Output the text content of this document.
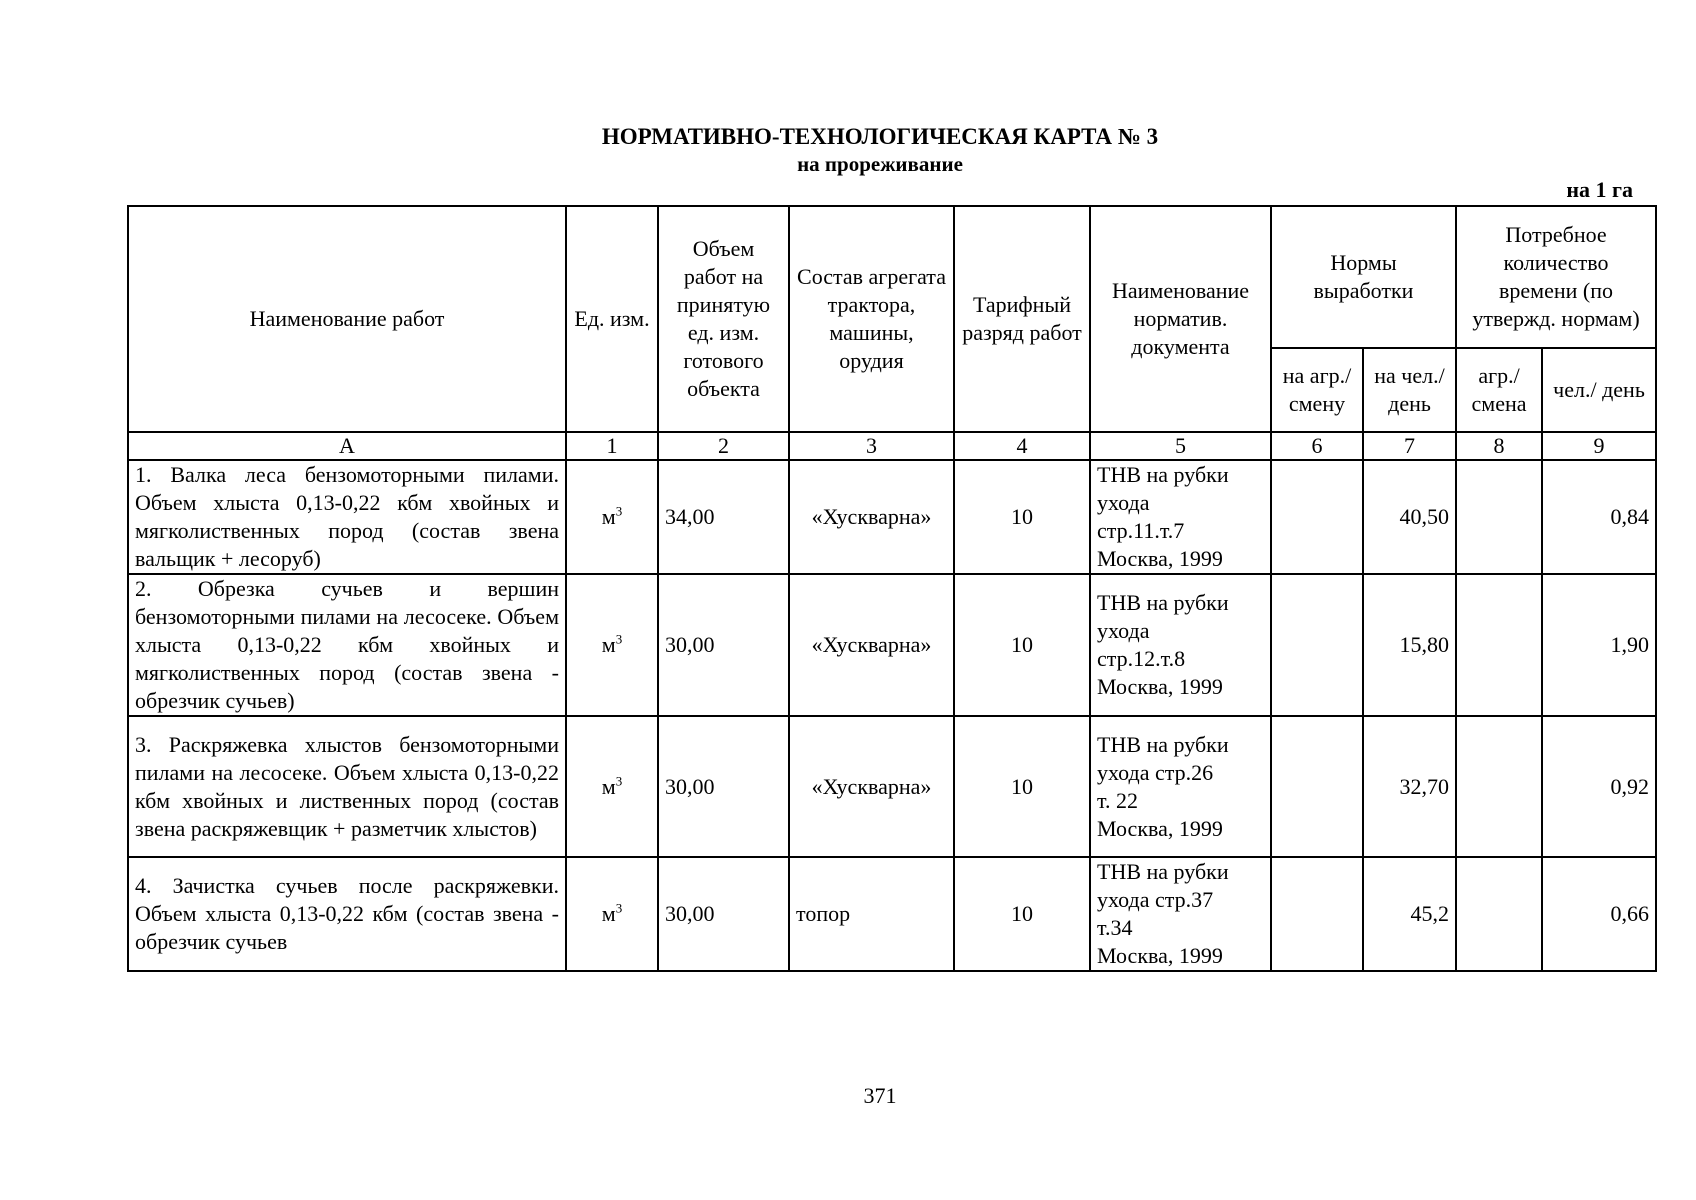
НОРМАТИВНО-ТЕХНОЛОГИЧЕСКАЯ КАРТА № 3
на прореживание
на 1 га
Наименование работ	Ед. изм.	Объем работ на принятую ед. изм. готового объекта	Состав агрегата трактора, машины, орудия	Тарифный разряд работ	Наименование норматив. документа	Нормы выработки		Потребное количество времени (по утвержд. нормам)	
						на агр./ смену	на чел./ день	агр./ смена	чел./ день
А	1	2	3	4	5	6	7	8	9
1. Валка леса бензомоторными пилами. Объем хлыста 0,13-0,22 кбм хвойных и мягколиственных пород (состав звена вальщик + лесоруб)	$м^3$	34,00	«Хускварна»	10	ТНВ на рубки
ухода
стр.11.т.7
Москва, 1999		40,50		0,84
2. Обрезка сучьев и вершин бензомоторными пилами на лесосеке. Объем хлыста 0,13-0,22 кбм хвойных и мягколиственных пород (состав звена - обрезчик сучьев)	$м^3$	30,00	«Хускварна»	10	ТНВ на рубки
ухода
стр.12.т.8
Москва, 1999		15,80		1,90
3. Раскряжевка хлыстов бензомоторными пилами на лесосеке. Объем хлыста 0,13-0,22 кбм хвойных и лиственных пород (состав звена раскряжевщик + разметчик хлыстов)	$м^3$	30,00	«Хускварна»	10	ТНВ на рубки
ухода стр.26
т. 22
Москва, 1999		32,70		0,92
4. Зачистка сучьев после раскряжевки. Объем хлыста 0,13-0,22 кбм (состав звена - обрезчик сучьев	$м^3$	30,00	топор	10	ТНВ на рубки
ухода стр.37
т.34
Москва, 1999		45,2		0,66
371
